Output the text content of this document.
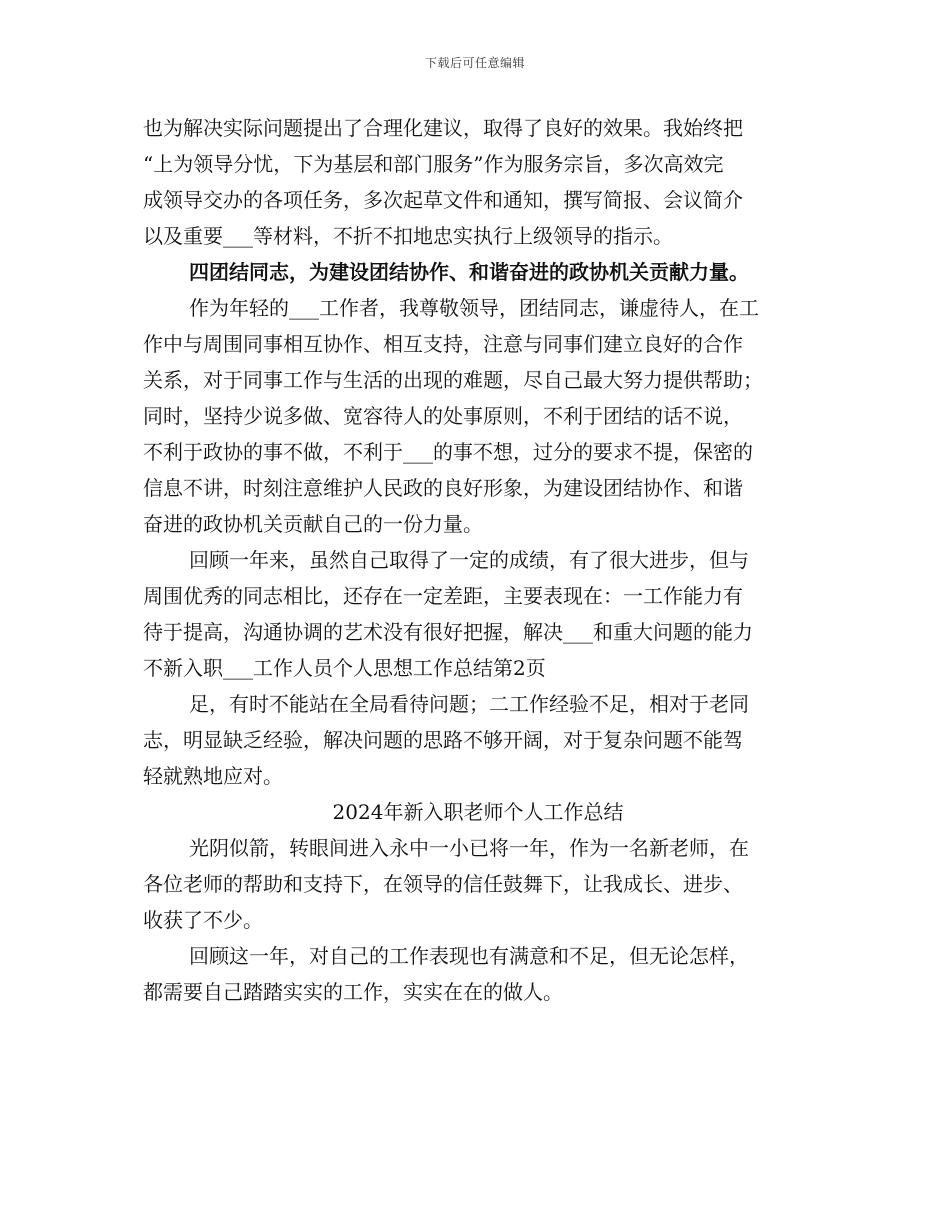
下载后可任意编辑
也为解决实际问题提出了合理化建议，取得了良好的效果。我始终把
“上为领导分忧，下为基层和部门服务”作为服务宗旨，多次高效完
成领导交办的各项任务，多次起草文件和通知，撰写简报、会议简介
以及重要___等材料，不折不扣地忠实执行上级领导的指示。
四团结同志，为建设团结协作、和谐奋进的政协机关贡献力量。
作为年轻的___工作者，我尊敬领导，团结同志，谦虚待人，在工
作中与周围同事相互协作、相互支持，注意与同事们建立良好的合作
关系，对于同事工作与生活的出现的难题，尽自己最大努力提供帮助；
同时，坚持少说多做、宽容待人的处事原则，不利于团结的话不说，
不利于政协的事不做，不利于___的事不想，过分的要求不提，保密的
信息不讲，时刻注意维护人民政的良好形象，为建设团结协作、和谐
奋进的政协机关贡献自己的一份力量。
回顾一年来，虽然自己取得了一定的成绩，有了很大进步，但与
周围优秀的同志相比，还存在一定差距，主要表现在：一工作能力有
待于提高，沟通协调的艺术没有很好把握，解决___和重大问题的能力
不新入职___工作人员个人思想工作总结第2页
足，有时不能站在全局看待问题；二工作经验不足，相对于老同
志，明显缺乏经验，解决问题的思路不够开阔，对于复杂问题不能驾
轻就熟地应对。
2024年新入职老师个人工作总结
光阴似箭，转眼间进入永中一小已将一年，作为一名新老师，在
各位老师的帮助和支持下，在领导的信任鼓舞下，让我成长、进步、
收获了不少。
回顾这一年，对自己的工作表现也有满意和不足，但无论怎样，
都需要自己踏踏实实的工作，实实在在的做人。
